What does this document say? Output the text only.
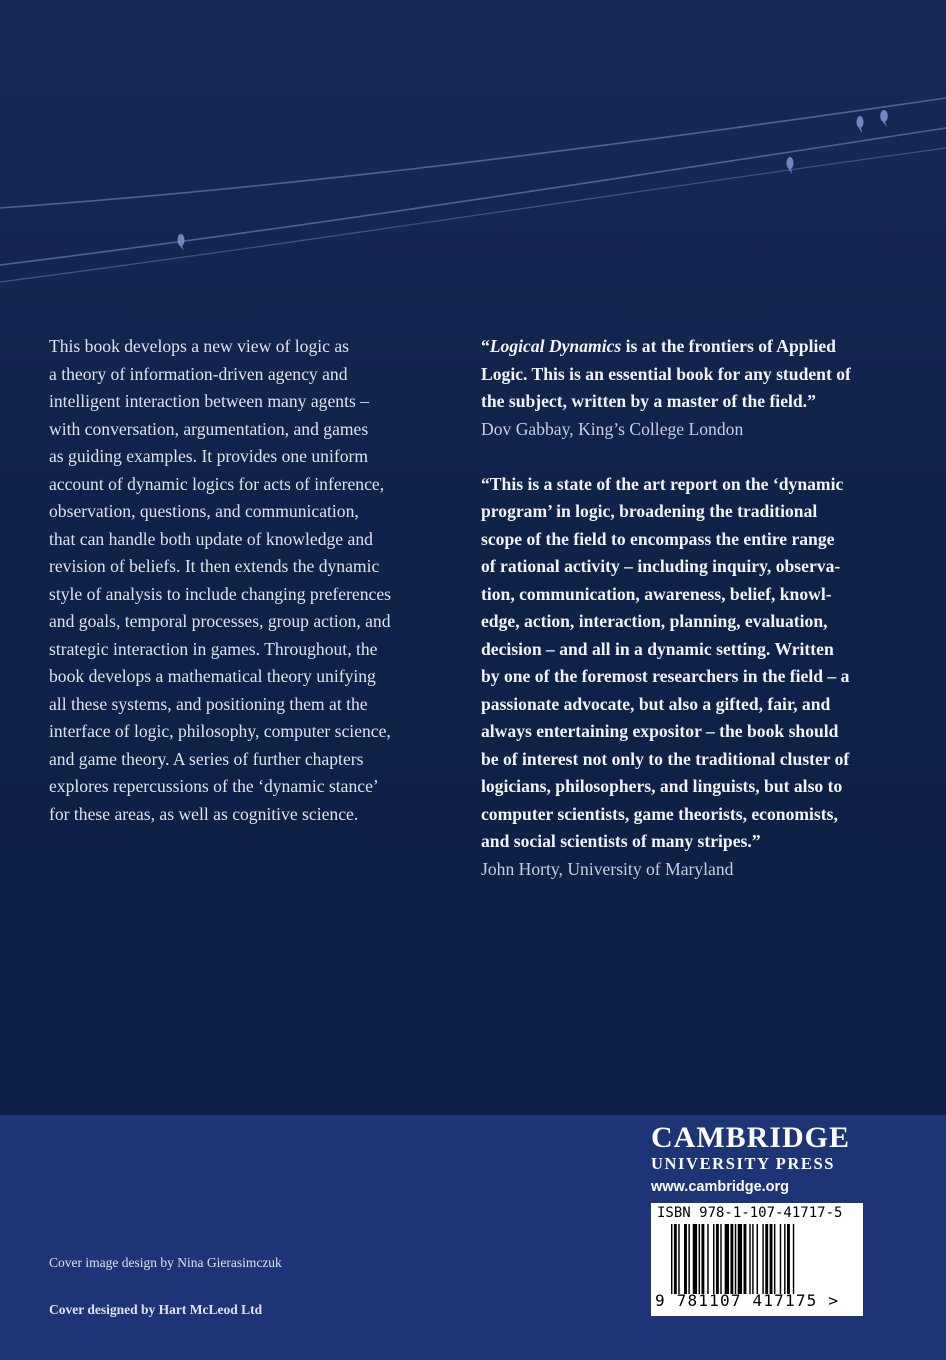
This book develops a new view of logic as

a theory of information-driven agency and

intelligent interaction between many agents –

with conversation, argumentation, and games

as guiding examples. It provides one uniform

account of dynamic logics for acts of inference,

observation, questions, and communication,

that can handle both update of knowledge and

revision of beliefs. It then extends the dynamic

style of analysis to include changing preferences

and goals, temporal processes, group action, and

strategic interaction in games. Throughout, the

book develops a mathematical theory unifying

all these systems, and positioning them at the

interface of logic, philosophy, computer science,

and game theory. A series of further chapters

explores repercussions of the ‘dynamic stance’

for these areas, as well as cognitive science.

“Logical Dynamics is at the frontiers of Applied

Logic. This is an essential book for any student of

the subject, written by a master of the field.”

Dov Gabbay, King’s College London

“This is a state of the art report on the ‘dynamic

program’ in logic, broadening the traditional

scope of the field to encompass the entire range

of rational activity – including inquiry, observa-

tion, communication, awareness, belief, knowl-

edge, action, interaction, planning, evaluation,

decision – and all in a dynamic setting. Written

by one of the foremost researchers in the field – a

passionate advocate, but also a gifted, fair, and

always entertaining expositor – the book should

be of interest not only to the traditional cluster of

logicians, philosophers, and linguists, but also to

computer scientists, game theorists, economists,

and social scientists of many stripes.”

John Horty, University of Maryland

Cover image design by Nina Gierasimczuk
Cover designed by Hart McLeod Ltd
CAMBRIDGE
UNIVERSITY PRESS
www.cambridge.org
ISBN 978-1-107-41717-5
9 781107 417175 >
